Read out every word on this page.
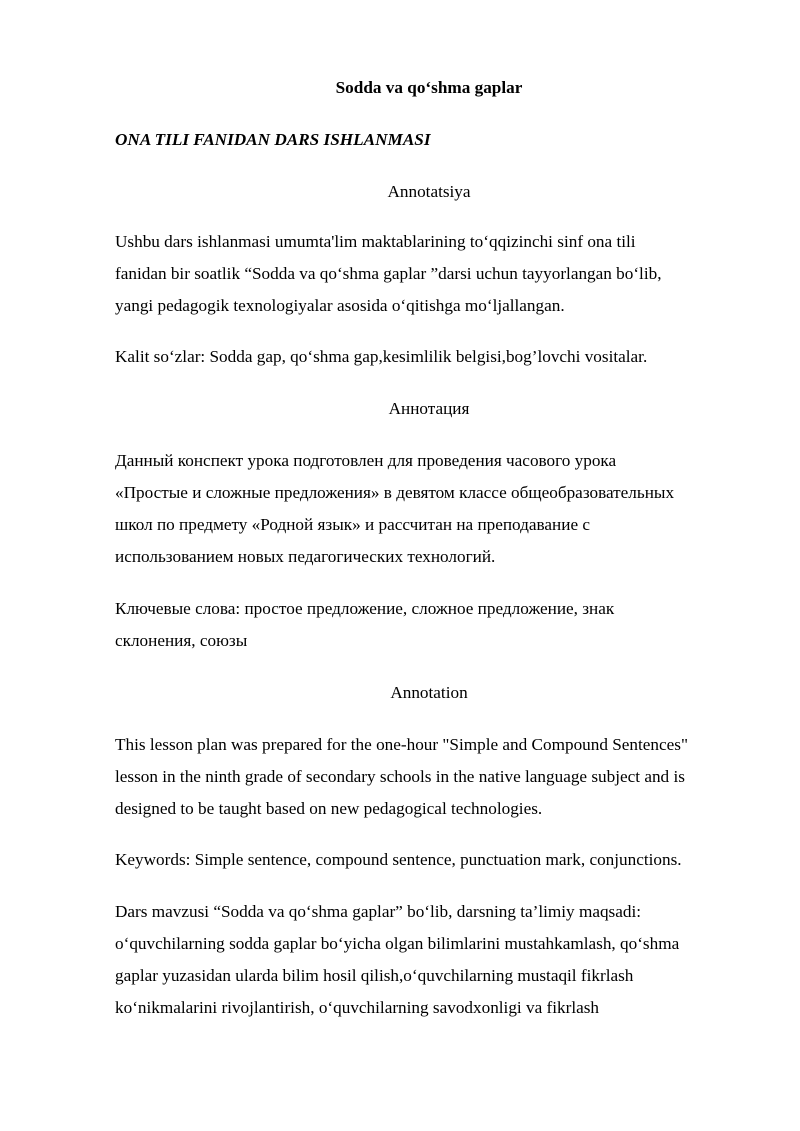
Sodda va qo‘shma gaplar
ONA TILI FANIDAN DARS ISHLANMASI
Annotatsiya
Ushbu dars ishlanmasi umumta'lim maktablarining to‘qqizinchi sinf ona tili
fanidan bir soatlik “Sodda va qo‘shma gaplar ”darsi uchun tayyorlangan bo‘lib,
yangi pedagogik texnologiyalar asosida o‘qitishga mo‘ljallangan.
Kalit so‘zlar: Sodda gap, qo‘shma gap,kesimlilik belgisi,bog’lovchi vositalar.
Аннотация
Данный конспект урока подготовлен для проведения часового урока
«Простые и сложные предложения» в девятом классе общеобразовательных
школ по предмету «Родной язык» и рассчитан на преподавание с
использованием новых педагогических технологий.
Ключевые слова: простое предложение, сложное предложение, знак
склонения, союзы
Annotation
This lesson plan was prepared for the one-hour "Simple and Compound Sentences"
lesson in the ninth grade of secondary schools in the native language subject and is
designed to be taught based on new pedagogical technologies.
Keywords: Simple sentence, compound sentence, punctuation mark, conjunctions.
Dars mavzusi “Sodda va qo‘shma gaplar” bo‘lib, darsning ta’limiy maqsadi:
o‘quvchilarning sodda gaplar bo‘yicha olgan bilimlarini mustahkamlash, qo‘shma
gaplar yuzasidan ularda bilim hosil qilish,o‘quvchilarning mustaqil fikrlash
ko‘nikmalarini rivojlantirish, o‘quvchilarning savodxonligi va fikrlash
